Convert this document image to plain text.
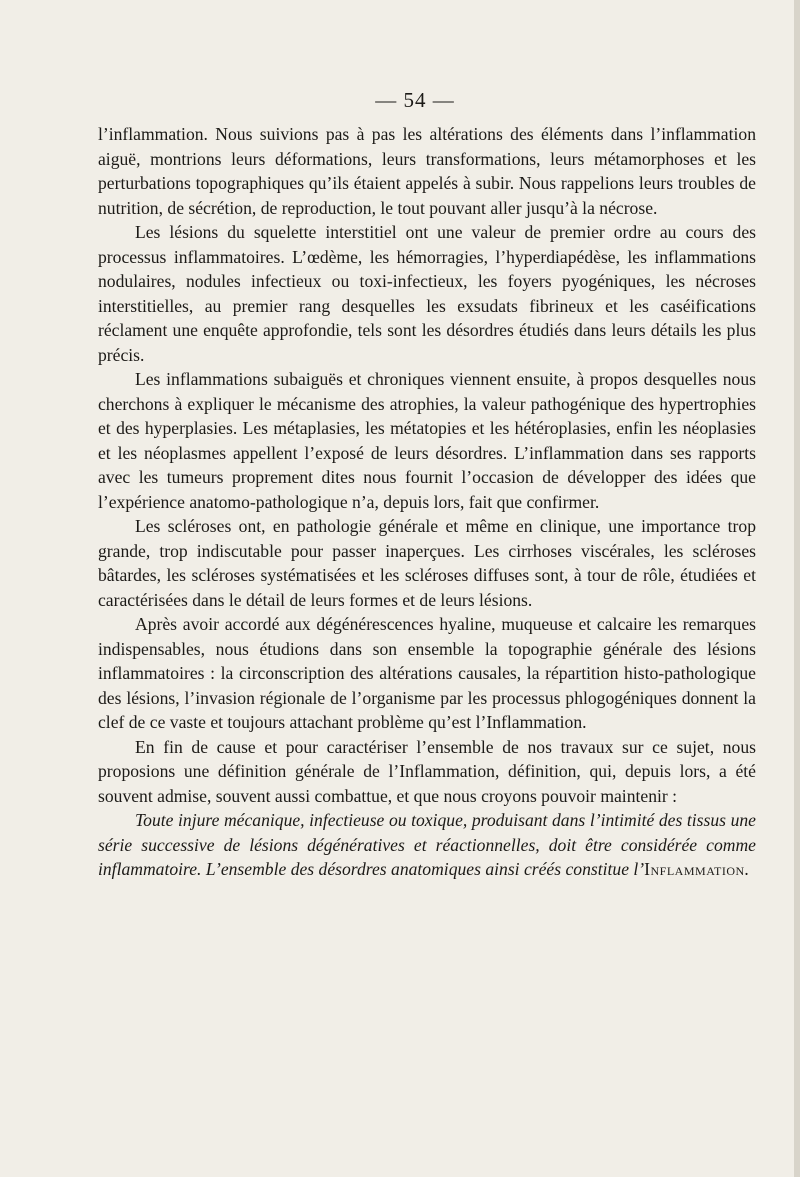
— 54 —

l’inflammation. Nous suivions pas à pas les altérations des éléments dans l’inflammation aiguë, montrions leurs déformations, leurs transformations, leurs métamorphoses et les perturbations topographiques qu’ils étaient appelés à subir. Nous rappelions leurs troubles de nutrition, de sécrétion, de reproduction, le tout pouvant aller jusqu’à la nécrose.

Les lésions du squelette interstitiel ont une valeur de premier ordre au cours des processus inflammatoires. L’œdème, les hémorragies, l’hyperdiapédèse, les inflammations nodulaires, nodules infectieux ou toxi-infectieux, les foyers pyogéniques, les nécroses interstitielles, au premier rang desquelles les exsudats fibrineux et les caséifications réclament une enquête approfondie, tels sont les désordres étudiés dans leurs détails les plus précis.

Les inflammations subaiguës et chroniques viennent ensuite, à propos desquelles nous cherchons à expliquer le mécanisme des atrophies, la valeur pathogénique des hypertrophies et des hyperplasies. Les métaplasies, les métatopies et les hétéroplasies, enfin les néoplasies et les néoplasmes appellent l’exposé de leurs désordres. L’inflammation dans ses rapports avec les tumeurs proprement dites nous fournit l’occasion de développer des idées que l’expérience anatomo-pathologique n’a, depuis lors, fait que confirmer.

Les scléroses ont, en pathologie générale et même en clinique, une importance trop grande, trop indiscutable pour passer inaperçues. Les cirrhoses viscérales, les scléroses bâtardes, les scléroses systématisées et les scléroses diffuses sont, à tour de rôle, étudiées et caractérisées dans le détail de leurs formes et de leurs lésions.

Après avoir accordé aux dégénérescences hyaline, muqueuse et calcaire les remarques indispensables, nous étudions dans son ensemble la topographie générale des lésions inflammatoires : la circonscription des altérations causales, la répartition histo-pathologique des lésions, l’invasion régionale de l’organisme par les processus phlogogéniques donnent la clef de ce vaste et toujours attachant problème qu’est l’Inflammation.

En fin de cause et pour caractériser l’ensemble de nos travaux sur ce sujet, nous proposions une définition générale de l’Inflammation, définition, qui, depuis lors, a été souvent admise, souvent aussi combattue, et que nous croyons pouvoir maintenir :

Toute injure mécanique, infectieuse ou toxique, produisant dans l’intimité des tissus une série successive de lésions dégénératives et réactionnelles, doit être considérée comme inflammatoire. L’ensemble des désordres anatomiques ainsi créés constitue l’Inflammation.
